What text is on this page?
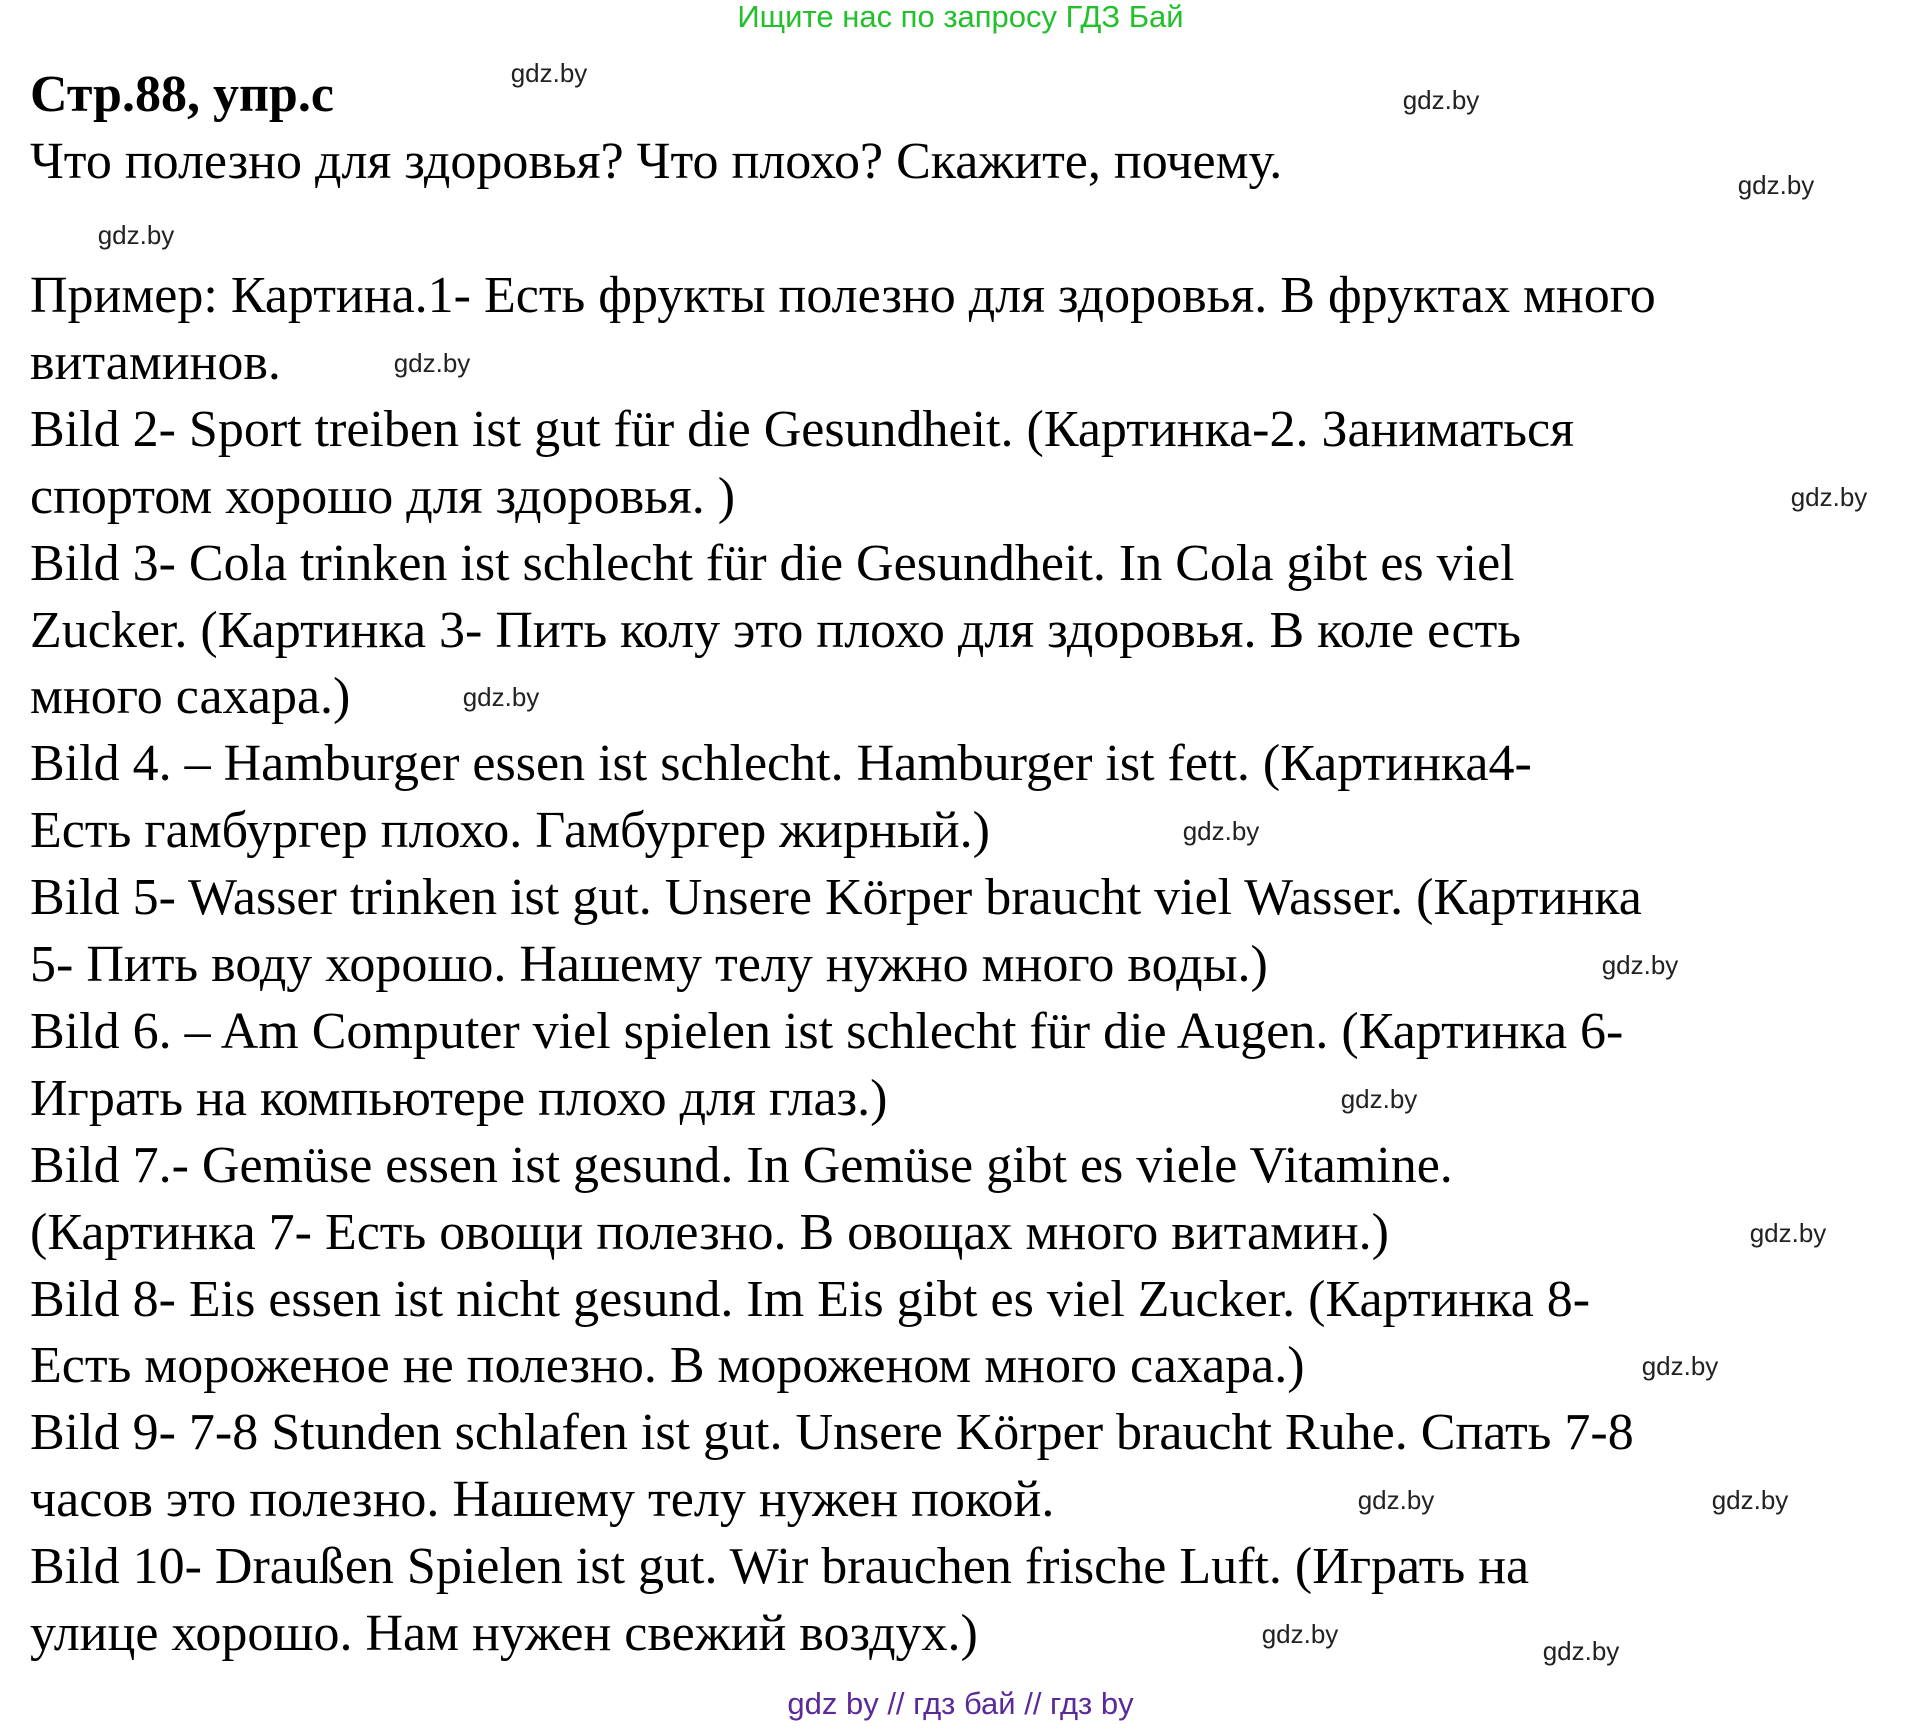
Ищите нас по запросу ГДЗ Бай
Стр.88, упр.с
Что полезно для здоровья? Что плохо? Скажите, почему.
Пример: Картина.1- Есть фрукты полезно для здоровья. В фруктах много
витаминов.
Bild 2- Sport treiben ist gut für die Gesundheit. (Картинка-2. Заниматься
спортом хорошо для здоровья. )
Bild 3- Cola trinken ist schlecht für die Gesundheit. In Cola gibt es viel
Zucker. (Картинка 3- Пить колу это плохо для здоровья. В коле есть
много сахара.)
Bild 4. – Hamburger essen ist schlecht. Hamburger ist fett. (Картинка4-
Есть гамбургер плохо. Гамбургер жирный.)
Bild 5- Wasser trinken ist gut. Unsere Körper braucht viel Wasser. (Картинка
5- Пить воду хорошо. Нашему телу нужно много воды.)
Bild 6. – Am Computer viel spielen ist schlecht für die Augen. (Картинка 6-
Играть на компьютере плохо для глаз.)
Bild 7.- Gemüse essen ist gesund. In Gemüse gibt es viele Vitamine.
(Картинка 7- Есть овощи полезно. В овощах много витамин.)
Bild 8- Eis essen ist nicht gesund. Im Eis gibt es viel Zucker. (Картинка 8-
Есть мороженое не полезно. В мороженом много сахара.)
Bild 9- 7-8 Stunden schlafen ist gut. Unsere Körper braucht Ruhe. Спать 7-8
часов это полезно. Нашему телу нужен покой.
Bild 10- Draußen Spielen ist gut. Wir brauchen frische Luft. (Играть на
улице хорошо. Нам нужен свежий воздух.)
gdz.by
gdz.by
gdz.by
gdz.by
gdz.by
gdz.by
gdz.by
gdz.by
gdz.by
gdz.by
gdz.by
gdz.by
gdz.by
gdz.by
gdz.by
gdz.by
gdz by // гдз бай // гдз by
